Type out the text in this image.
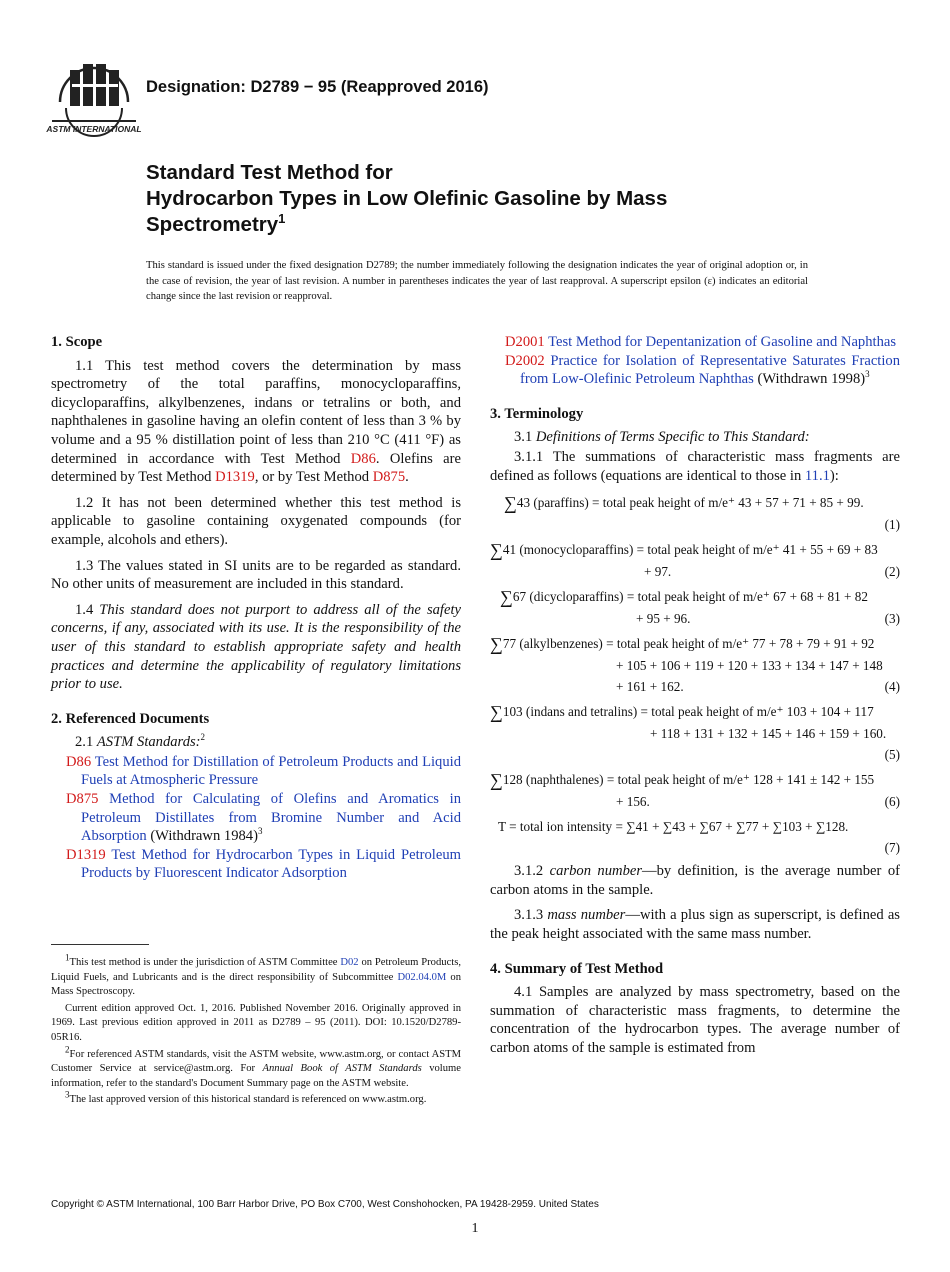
ASTM INTERNATIONAL
Designation: D2789 − 95 (Reapproved 2016)
Standard Test Method for
Hydrocarbon Types in Low Olefinic Gasoline by Mass
Spectrometry$^1$
This standard is issued under the fixed designation D2789; the number immediately following the designation indicates the year of original adoption or, in the case of revision, the year of last revision. A number in parentheses indicates the year of last reapproval. A superscript epsilon (ε) indicates an editorial change since the last revision or reapproval.
1. Scope

1.1 This test method covers the determination by mass spectrometry of the total paraffins, monocycloparaffins, dicycloparaffins, alkylbenzenes, indans or tetralins or both, and naphthalenes in gasoline having an olefin content of less than 3 % by volume and a 95 % distillation point of less than 210 °C (411 °F) as determined in accordance with Test Method D86. Olefins are determined by Test Method D1319, or by Test Method D875.

1.2 It has not been determined whether this test method is applicable to gasoline containing oxygenated compounds (for example, alcohols and ethers).

1.3 The values stated in SI units are to be regarded as standard. No other units of measurement are included in this standard.

1.4 This standard does not purport to address all of the safety concerns, if any, associated with its use. It is the responsibility of the user of this standard to establish appropriate safety and health practices and determine the applicability of regulatory limitations prior to use.

2. Referenced Documents

2.1 ASTM Standards:$^2$

D86 Test Method for Distillation of Petroleum Products and Liquid Fuels at Atmospheric Pressure
D875 Method for Calculating of Olefins and Aromatics in Petroleum Distillates from Bromine Number and Acid Absorption (Withdrawn 1984)$^3$
D1319 Test Method for Hydrocarbon Types in Liquid Petroleum Products by Fluorescent Indicator Adsorption

$^1$This test method is under the jurisdiction of ASTM Committee D02 on Petroleum Products, Liquid Fuels, and Lubricants and is the direct responsibility of Subcommittee D02.04.0M on Mass Spectroscopy.

Current edition approved Oct. 1, 2016. Published November 2016. Originally approved in 1969. Last previous edition approved in 2011 as D2789 – 95 (2011). DOI: 10.1520/D2789-05R16.

$^2$For referenced ASTM standards, visit the ASTM website, www.astm.org, or contact ASTM Customer Service at service@astm.org. For Annual Book of ASTM Standards volume information, refer to the standard's Document Summary page on the ASTM website.

$^3$The last approved version of this historical standard is referenced on www.astm.org.

D2001 Test Method for Depentanization of Gasoline and Naphthas
D2002 Practice for Isolation of Representative Saturates Fraction from Low-Olefinic Petroleum Naphthas (Withdrawn 1998)$^3$
3. Terminology

3.1 Definitions of Terms Specific to This Standard:

3.1.1 The summations of characteristic mass fragments are defined as follows (equations are identical to those in 11.1):

∑43 (paraffins) = total peak height of m/e⁺ 43 + 57 + 71 + 85 + 99.
(1)
∑41 (monocycloparaffins) = total peak height of m/e⁺ 41 + 55 + 69 + 83
+ 97.	(2)
∑67 (dicycloparaffins) = total peak height of m/e⁺ 67 + 68 + 81 + 82
+ 95 + 96.	(3)
∑77 (alkylbenzenes) = total peak height of m/e⁺ 77 + 78 + 79 + 91 + 92
+ 105 + 106 + 119 + 120 + 133 + 134 + 147 + 148
+ 161 + 162.	(4)
∑103 (indans and tetralins) = total peak height of m/e⁺ 103 + 104 + 117
+ 118 + 131 + 132 + 145 + 146 + 159 + 160.
(5)
∑128 (naphthalenes) = total peak height of m/e⁺ 128 + 141 ± 142 + 155
+ 156.	(6)
T = total ion intensity = ∑41 + ∑43 + ∑67 + ∑77 + ∑103 + ∑128.
(7)

3.1.2 carbon number—by definition, is the average number of carbon atoms in the sample.

3.1.3 mass number—with a plus sign as superscript, is defined as the peak height associated with the same mass number.

4. Summary of Test Method

4.1 Samples are analyzed by mass spectrometry, based on the summation of characteristic mass fragments, to determine the concentration of the hydrocarbon types. The average number of carbon atoms of the sample is estimated from

Copyright © ASTM International, 100 Barr Harbor Drive, PO Box C700, West Conshohocken, PA 19428-2959. United States
1
